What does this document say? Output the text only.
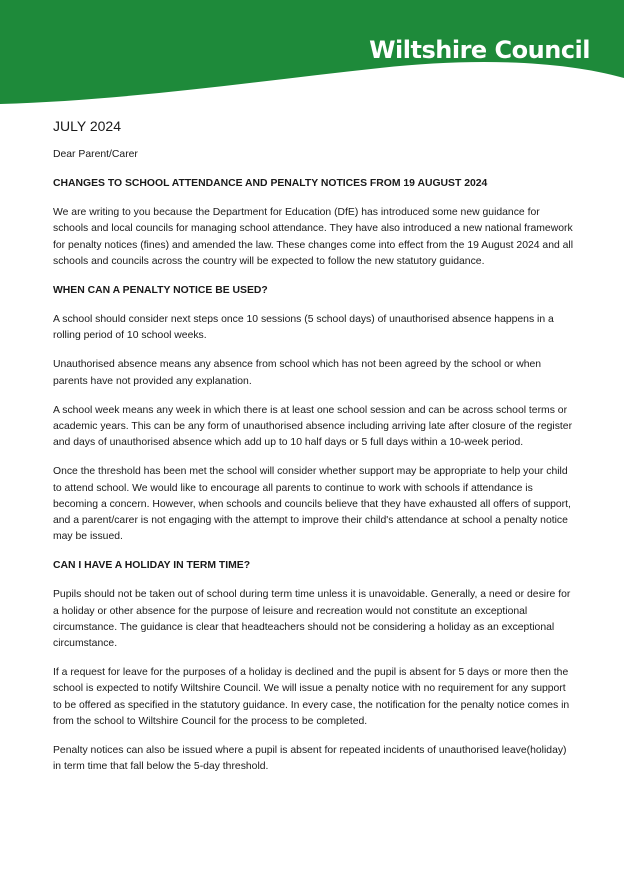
Wiltshire Council
JULY 2024

Dear Parent/Carer

CHANGES TO SCHOOL ATTENDANCE AND PENALTY NOTICES FROM 19 AUGUST 2024

We are writing to you because the Department for Education (DfE) has introduced some new guidance for schools and local councils for managing school attendance. They have also introduced a new national framework for penalty notices (fines) and amended the law. These changes come into effect from the 19 August 2024 and all schools and councils across the country will be expected to follow the new statutory guidance.

WHEN CAN A PENALTY NOTICE BE USED?

A school should consider next steps once 10 sessions (5 school days) of unauthorised absence happens in a rolling period of 10 school weeks.

Unauthorised absence means any absence from school which has not been agreed by the school or when parents have not provided any explanation.

A school week means any week in which there is at least one school session and can be across school terms or academic years. This can be any form of unauthorised absence including arriving late after closure of the register and days of unauthorised absence which add up to 10 half days or 5 full days within a 10-week period.

Once the threshold has been met the school will consider whether support may be appropriate to help your child to attend school. We would like to encourage all parents to continue to work with schools if attendance is becoming a concern. However, when schools and councils believe that they have exhausted all offers of support, and a parent/carer is not engaging with the attempt to improve their child's attendance at school a penalty notice may be issued.

CAN I HAVE A HOLIDAY IN TERM TIME?

Pupils should not be taken out of school during term time unless it is unavoidable. Generally, a need or desire for a holiday or other absence for the purpose of leisure and recreation would not constitute an exceptional circumstance. The guidance is clear that headteachers should not be considering a holiday as an exceptional circumstance.

If a request for leave for the purposes of a holiday is declined and the pupil is absent for 5 days or more then the school is expected to notify Wiltshire Council. We will issue a penalty notice with no requirement for any support to be offered as specified in the statutory guidance. In every case, the notification for the penalty notice comes in from the school to Wiltshire Council for the process to be completed.

Penalty notices can also be issued where a pupil is absent for repeated incidents of unauthorised leave(holiday) in term time that fall below the 5-day threshold.
